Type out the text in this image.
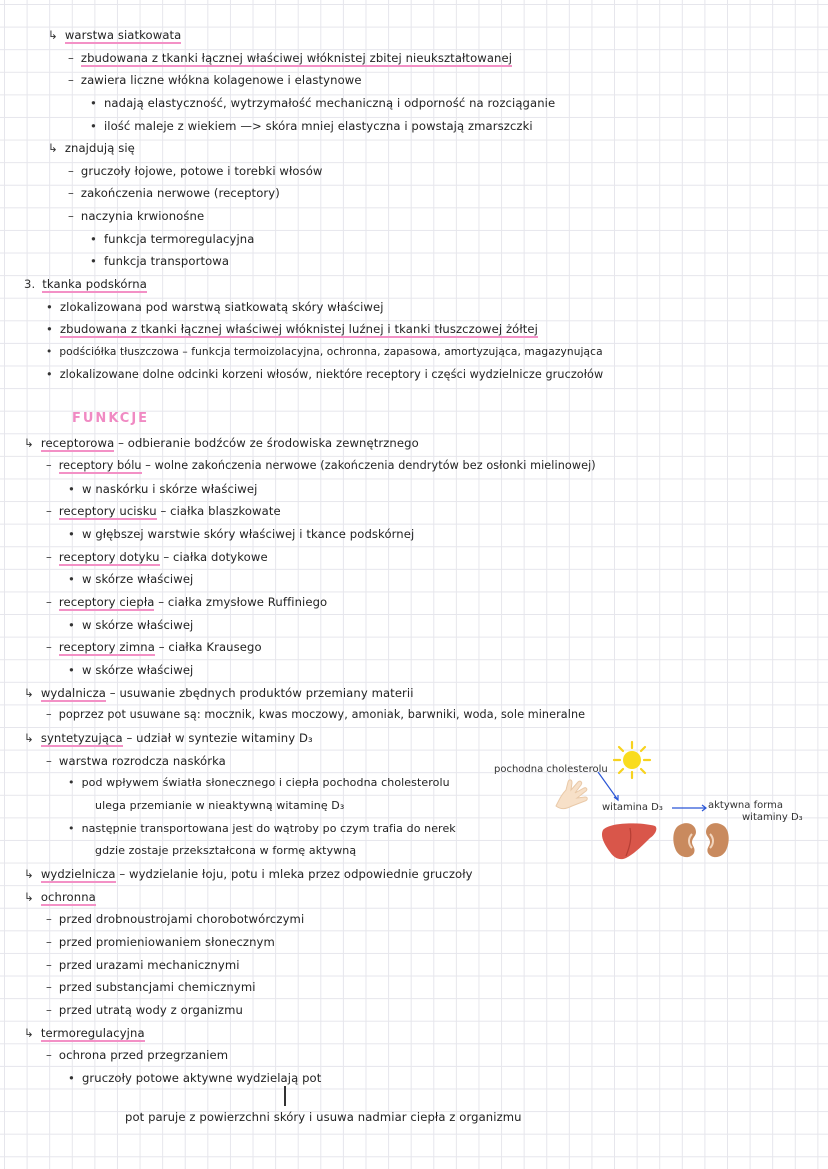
↳ warstwa siatkowata
– zbudowana z tkanki łącznej właściwej włóknistej zbitej nieukształtowanej
– zawiera liczne włókna kolagenowe i elastynowe
• nadają elastyczność, wytrzymałość mechaniczną i odporność na rozciąganie
• ilość maleje z wiekiem —> skóra mniej elastyczna i powstają zmarszczki
↳ znajdują się
– gruczoły łojowe, potowe i torebki włosów
– zakończenia nerwowe (receptory)
– naczynia krwionośne
• funkcja termoregulacyjna
• funkcja transportowa
3. tkanka podskórna
• zlokalizowana pod warstwą siatkowatą skóry właściwej
• zbudowana z tkanki łącznej właściwej włóknistej luźnej i tkanki tłuszczowej żółtej
• podściółka tłuszczowa – funkcja termoizolacyjna, ochronna, zapasowa, amortyzująca, magazynująca
• zlokalizowane dolne odcinki korzeni włosów, niektóre receptory i części wydzielnicze gruczołów
FUNKCJE
↳ receptorowa – odbieranie bodźców ze środowiska zewnętrznego
– receptory bólu – wolne zakończenia nerwowe (zakończenia dendrytów bez osłonki mielinowej)
• w naskórku i skórze właściwej
– receptory ucisku – ciałka blaszkowate
• w głębszej warstwie skóry właściwej i tkance podskórnej
– receptory dotyku – ciałka dotykowe
• w skórze właściwej
– receptory ciepła – ciałka zmysłowe Ruffiniego
• w skórze właściwej
– receptory zimna – ciałka Krausego
• w skórze właściwej
↳ wydalnicza – usuwanie zbędnych produktów przemiany materii
– poprzez pot usuwane są: mocznik, kwas moczowy, amoniak, barwniki, woda, sole mineralne
↳ syntetyzująca – udział w syntezie witaminy D₃
– warstwa rozrodcza naskórka
• pod wpływem światła słonecznego i ciepła pochodna cholesterolu
ulega przemianie w nieaktywną witaminę D₃
• następnie transportowana jest do wątroby po czym trafia do nerek
gdzie zostaje przekształcona w formę aktywną
↳ wydzielnicza – wydzielanie łoju, potu i mleka przez odpowiednie gruczoły
↳ ochronna
– przed drobnoustrojami chorobotwórczymi
– przed promieniowaniem słonecznym
– przed urazami mechanicznymi
– przed substancjami chemicznymi
– przed utratą wody z organizmu
↳ termoregulacyjna
– ochrona przed przegrzaniem
• gruczoły potowe aktywne wydzielają pot
pot paruje z powierzchni skóry i usuwa nadmiar ciepła z organizmu
pochodna cholesterolu
witamina D₃	aktywna forma
witaminy D₃
